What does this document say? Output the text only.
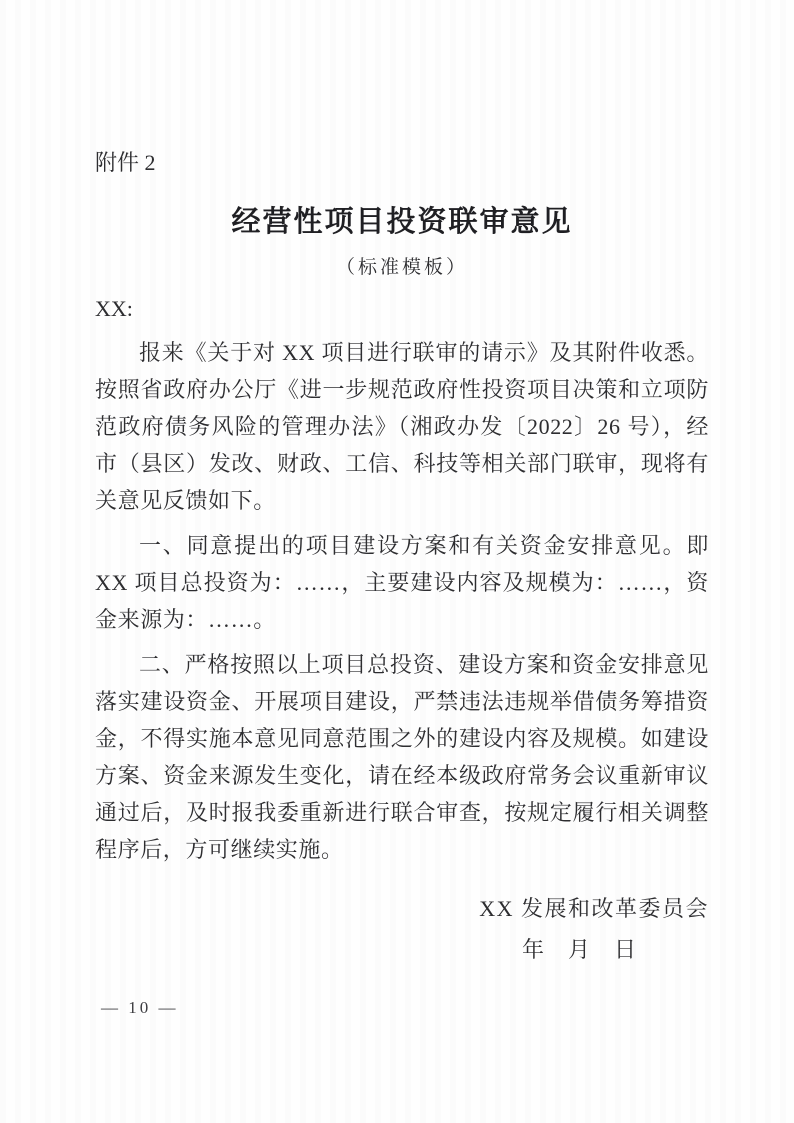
附件 2
经营性项目投资联审意见
（标准模板）
XX:

报来《关于对 XX 项目进行联审的请示》及其附件收悉。按照省政府办公厅《进一步规范政府性投资项目决策和立项防范政府债务风险的管理办法》（湘政办发〔2022〕26 号），经市（县区）发改、财政、工信、科技等相关部门联审，现将有关意见反馈如下。

一、同意提出的项目建设方案和有关资金安排意见。即 XX 项目总投资为：……，主要建设内容及规模为：……，资金来源为：……。

二、严格按照以上项目总投资、建设方案和资金安排意见落实建设资金、开展项目建设，严禁违法违规举借债务筹措资金，不得实施本意见同意范围之外的建设内容及规模。如建设方案、资金来源发生变化，请在经本级政府常务会议重新审议通过后，及时报我委重新进行联合审查，按规定履行相关调整程序后，方可继续实施。

XX 发展和改革委员会
年　月　日
— 10 —
